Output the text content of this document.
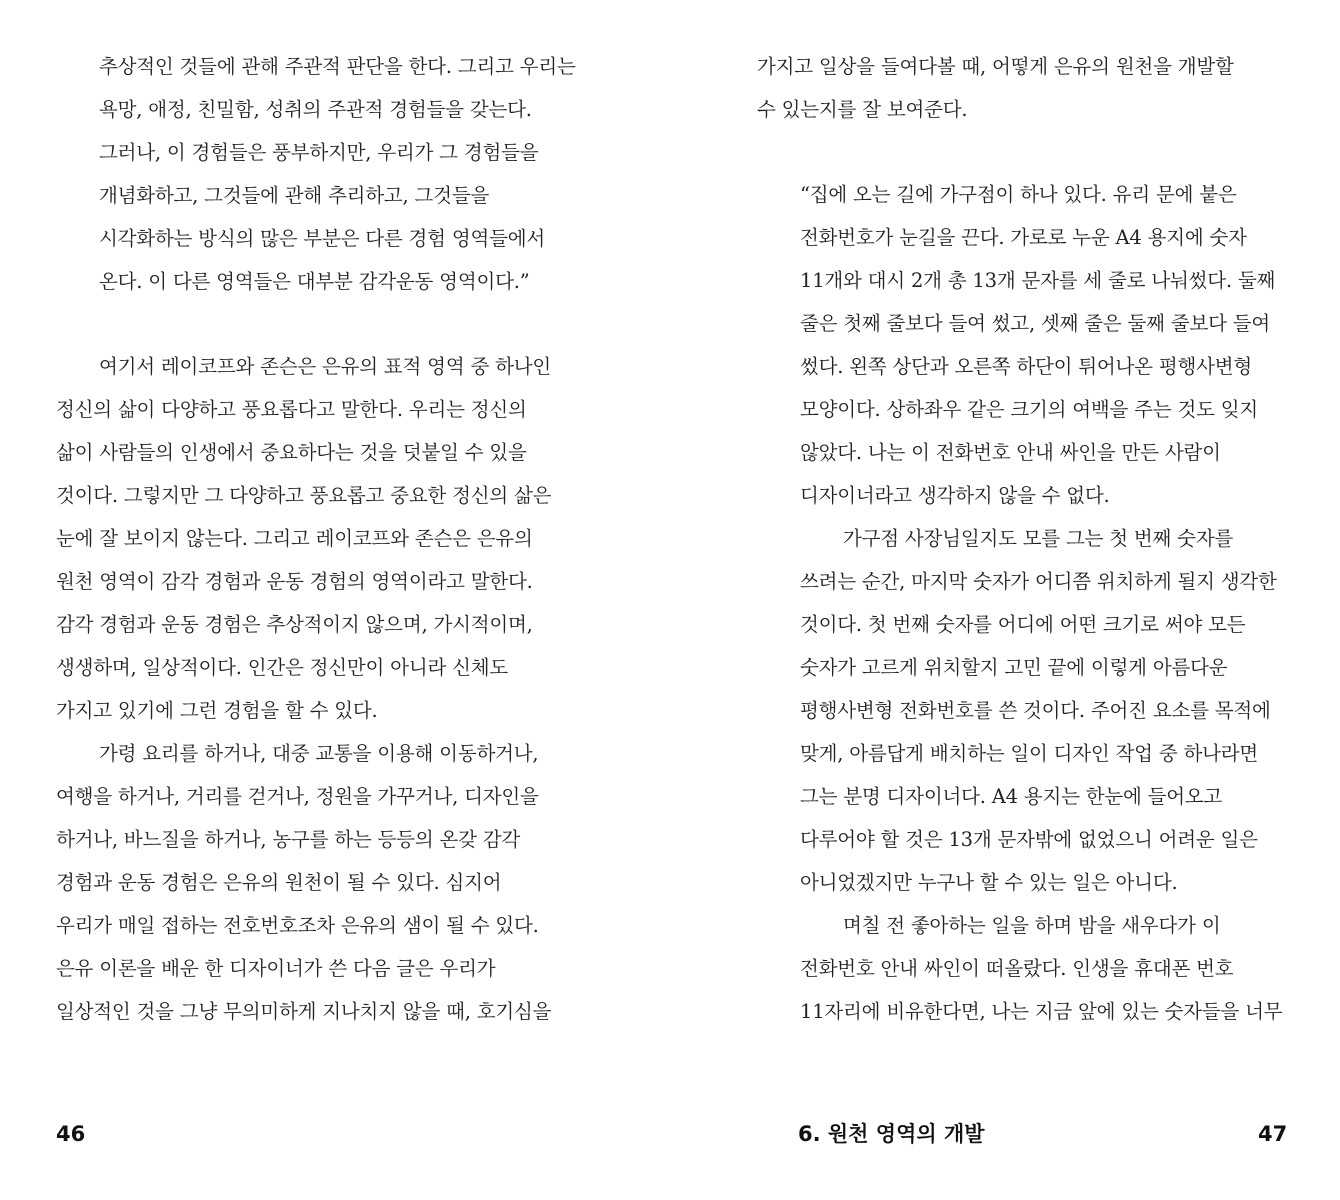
추상적인 것들에 관해 주관적 판단을 한다. 그리고 우리는
욕망, 애정, 친밀함, 성취의 주관적 경험들을 갖는다.
그러나, 이 경험들은 풍부하지만, 우리가 그 경험들을
개념화하고, 그것들에 관해 추리하고, 그것들을
시각화하는 방식의 많은 부분은 다른 경험 영역들에서
온다. 이 다른 영역들은 대부분 감각운동 영역이다.”
여기서 레이코프와 존슨은 은유의 표적 영역 중 하나인
정신의 삶이 다양하고 풍요롭다고 말한다. 우리는 정신의
삶이 사람들의 인생에서 중요하다는 것을 덧붙일 수 있을
것이다. 그렇지만 그 다양하고 풍요롭고 중요한 정신의 삶은
눈에 잘 보이지 않는다. 그리고 레이코프와 존슨은 은유의
원천 영역이 감각 경험과 운동 경험의 영역이라고 말한다.
감각 경험과 운동 경험은 추상적이지 않으며, 가시적이며,
생생하며, 일상적이다. 인간은 정신만이 아니라 신체도
가지고 있기에 그런 경험을 할 수 있다.
가령 요리를 하거나, 대중 교통을 이용해 이동하거나,
여행을 하거나, 거리를 걷거나, 정원을 가꾸거나, 디자인을
하거나, 바느질을 하거나, 농구를 하는 등등의 온갖 감각
경험과 운동 경험은 은유의 원천이 될 수 있다. 심지어
우리가 매일 접하는 전호번호조차 은유의 샘이 될 수 있다.
은유 이론을 배운 한 디자이너가 쓴 다음 글은 우리가
일상적인 것을 그냥 무의미하게 지나치지 않을 때, 호기심을
46
가지고 일상을 들여다볼 때, 어떻게 은유의 원천을 개발할
수 있는지를 잘 보여준다.
“집에 오는 길에 가구점이 하나 있다. 유리 문에 붙은
전화번호가 눈길을 끈다. 가로로 누운 A4 용지에 숫자
11개와 대시 2개 총 13개 문자를 세 줄로 나눠썼다. 둘째
줄은 첫째 줄보다 들여 썼고, 셋째 줄은 둘째 줄보다 들여
썼다. 왼쪽 상단과 오른쪽 하단이 튀어나온 평행사변형
모양이다. 상하좌우 같은 크기의 여백을 주는 것도 잊지
않았다. 나는 이 전화번호 안내 싸인을 만든 사람이
디자이너라고 생각하지 않을 수 없다.
가구점 사장님일지도 모를 그는 첫 번째 숫자를
쓰려는 순간, 마지막 숫자가 어디쯤 위치하게 될지 생각한
것이다. 첫 번째 숫자를 어디에 어떤 크기로 써야 모든
숫자가 고르게 위치할지 고민 끝에 이렇게 아름다운
평행사변형 전화번호를 쓴 것이다. 주어진 요소를 목적에
맞게, 아름답게 배치하는 일이 디자인 작업 중 하나라면
그는 분명 디자이너다. A4 용지는 한눈에 들어오고
다루어야 할 것은 13개 문자밖에 없었으니 어려운 일은
아니었겠지만 누구나 할 수 있는 일은 아니다.
며칠 전 좋아하는 일을 하며 밤을 새우다가 이
전화번호 안내 싸인이 떠올랐다. 인생을 휴대폰 번호
11자리에 비유한다면, 나는 지금 앞에 있는 숫자들을 너무
6. 원천 영역의 개발	47
